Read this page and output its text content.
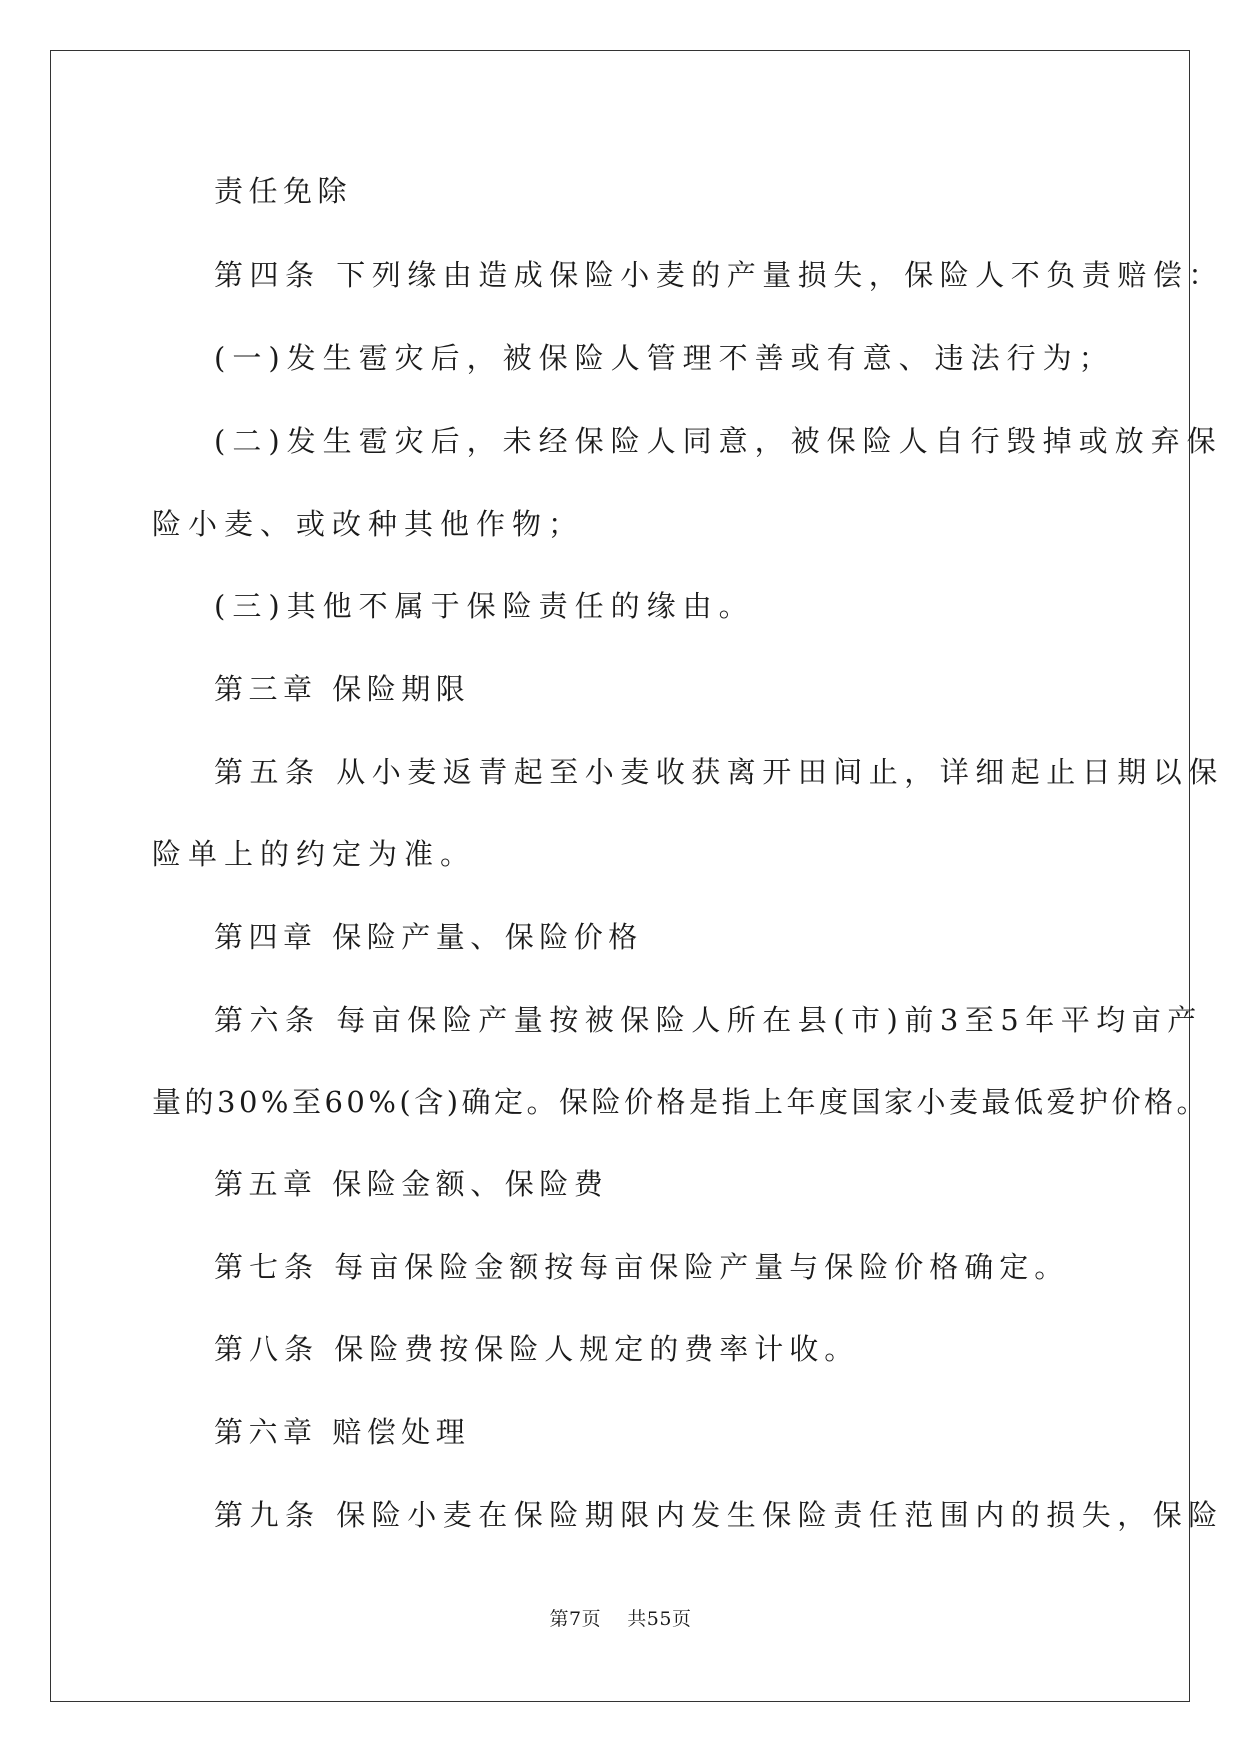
责任免除
第四条 下列缘由造成保险小麦的产量损失，保险人不负责赔偿：
(一)发生雹灾后，被保险人管理不善或有意、违法行为；
(二)发生雹灾后，未经保险人同意，被保险人自行毁掉或放弃保
险小麦、或改种其他作物；
(三)其他不属于保险责任的缘由。
第三章 保险期限
第五条 从小麦返青起至小麦收获离开田间止，详细起止日期以保
险单上的约定为准。
第四章 保险产量、保险价格
第六条 每亩保险产量按被保险人所在县(市)前3至5年平均亩产
量的30%至60%(含)确定。保险价格是指上年度国家小麦最低爱护价格。
第五章 保险金额、保险费
第七条 每亩保险金额按每亩保险产量与保险价格确定。
第八条 保险费按保险人规定的费率计收。
第六章 赔偿处理
第九条 保险小麦在保险期限内发生保险责任范围内的损失，保险
第7页    共55页
